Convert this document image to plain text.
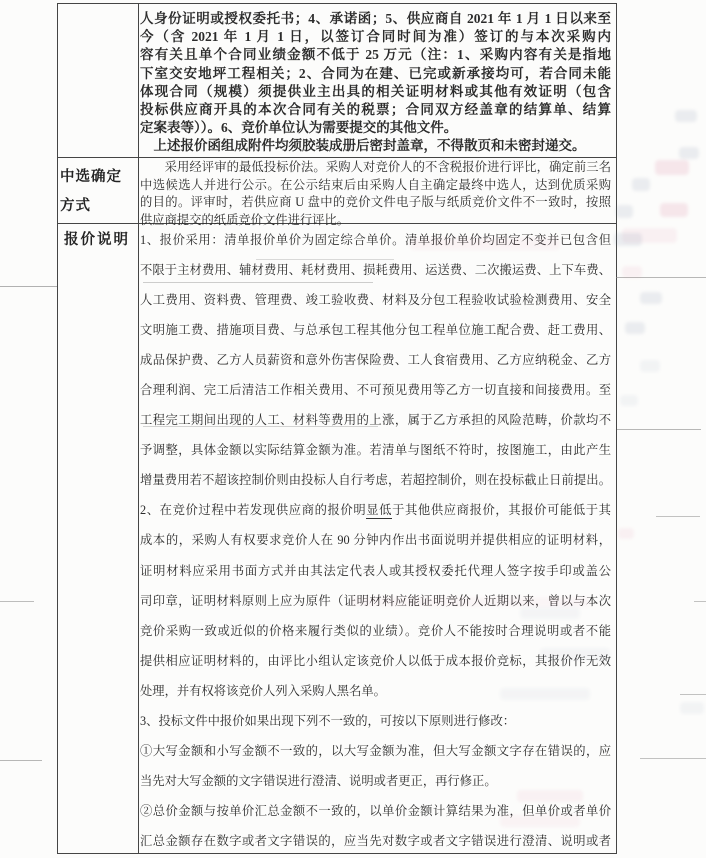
中选确定方式
报价说明
人身份证明或授权委托书；4、承诺函；5、供应商自 2021 年 1 月 1 日以来至
今（含 2021 年 1 月 1 日，以签订合同时间为准）签订的与本次采购内
容有关且单个合同业绩金额不低于 25 万元（注：1、采购内容有关是指地
下室交安地坪工程相关；2、合同为在建、已完或新承接均可，若合同未能
体现合同（规模）须提供业主出具的相关证明材料或其他有效证明（包含
投标供应商开具的本次合同有关的税票；合同双方经盖章的结算单、结算
定案表等））。6、竞价单位认为需要提交的其他文件。
上述报价函组成附件均须胶装成册后密封盖章，不得散页和未密封递交。
采用经评审的最低投标价法。采购人对竞价人的不含税报价进行评比，确定前三名
中选候选人并进行公示。在公示结束后由采购人自主确定最终中选人，达到优质采购
的目的。评审时，若供应商 U 盘中的竞价文件电子版与纸质竞价文件不一致时，按照
供应商提交的纸质竞价文件进行评比。
1、报价采用：清单报价单价为固定综合单价。清单报价单价均固定不变并已包含但
不限于主材费用、辅材费用、耗材费用、损耗费用、运送费、二次搬运费、上下车费、
人工费用、资料费、管理费、竣工验收费、材料及分包工程验收试验检测费用、安全
文明施工费、措施项目费、与总承包工程其他分包工程单位施工配合费、赶工费用、
成品保护费、乙方人员薪资和意外伤害保险费、工人食宿费用、乙方应纳税金、乙方
合理利润、完工后清洁工作相关费用、不可预见费用等乙方一切直接和间接费用。至
工程完工期间出现的人工、材料等费用的上涨，属于乙方承担的风险范畴，价款均不
予调整，具体金额以实际结算金额为准。若清单与图纸不符时，按图施工，由此产生
增量费用若不超该控制价则由投标人自行考虑，若超控制价，则在投标截止日前提出。
2、在竞价过程中若发现供应商的报价明显低于其他供应商报价，其报价可能低于其
成本的，采购人有权要求竞价人在 90 分钟内作出书面说明并提供相应的证明材料，
证明材料应采用书面方式并由其法定代表人或其授权委托代理人签字按手印或盖公
司印章，证明材料原则上应为原件（证明材料应能证明竞价人近期以来，曾以与本次
竞价采购一致或近似的价格来履行类似的业绩）。竞价人不能按时合理说明或者不能
提供相应证明材料的，由评比小组认定该竞价人以低于成本报价竞标，其报价作无效
处理，并有权将该竞价人列入采购人黑名单。
3、投标文件中报价如果出现下列不一致的，可按以下原则进行修改：
①大写金额和小写金额不一致的，以大写金额为准，但大写金额文字存在错误的，应
当先对大写金额的文字错误进行澄清、说明或者更正，再行修正。
②总价金额与按单价汇总金额不一致的，以单价金额计算结果为准，但单价或者单价
汇总金额存在数字或者文字错误的，应当先对数字或者文字错误进行澄清、说明或者
